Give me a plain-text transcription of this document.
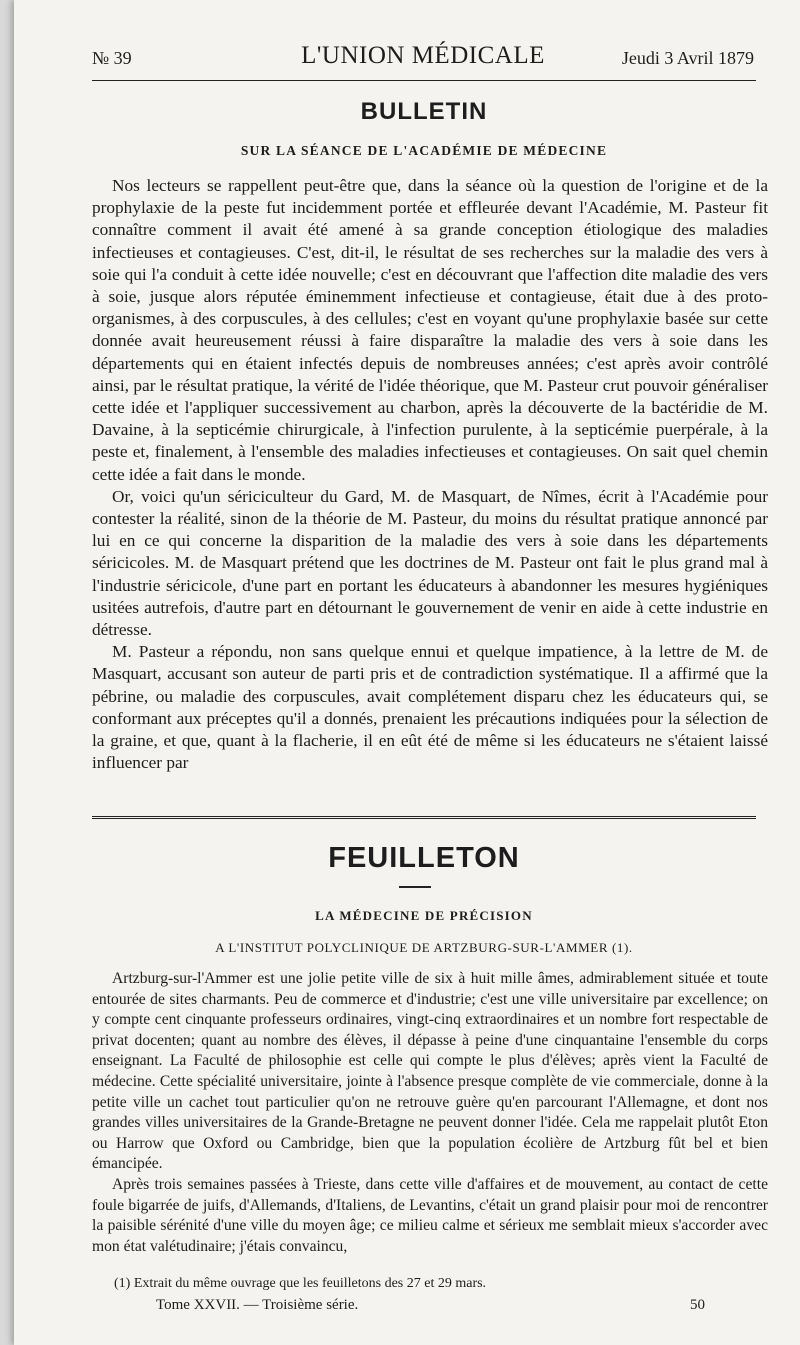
№ 39	L'UNION MÉDICALE	Jeudi 3 Avril 1879
BULLETIN
SUR LA SÉANCE DE L'ACADÉMIE DE MÉDECINE

Nos lecteurs se rappellent peut-être que, dans la séance où la question de l'origine et de la prophylaxie de la peste fut incidemment portée et effleurée devant l'Académie, M. Pasteur fit connaître comment il avait été amené à sa grande conception étiologique des maladies infectieuses et contagieuses. C'est, dit-il, le résultat de ses recherches sur la maladie des vers à soie qui l'a conduit à cette idée nouvelle; c'est en découvrant que l'affection dite maladie des vers à soie, jusque alors réputée éminemment infectieuse et contagieuse, était due à des proto-organismes, à des corpuscules, à des cellules; c'est en voyant qu'une prophylaxie basée sur cette donnée avait heureusement réussi à faire disparaître la maladie des vers à soie dans les départements qui en étaient infectés depuis de nombreuses années; c'est après avoir contrôlé ainsi, par le résultat pratique, la vérité de l'idée théorique, que M. Pasteur crut pouvoir généraliser cette idée et l'appliquer successivement au charbon, après la découverte de la bactéridie de M. Davaine, à la septicémie chirurgicale, à l'infection purulente, à la septicémie puerpérale, à la peste et, finalement, à l'ensemble des maladies infectieuses et contagieuses. On sait quel chemin cette idée a fait dans le monde.

Or, voici qu'un sériciculteur du Gard, M. de Masquart, de Nîmes, écrit à l'Académie pour contester la réalité, sinon de la théorie de M. Pasteur, du moins du résultat pratique annoncé par lui en ce qui concerne la disparition de la maladie des vers à soie dans les départements séricicoles. M. de Masquart prétend que les doctrines de M. Pasteur ont fait le plus grand mal à l'industrie séricicole, d'une part en portant les éducateurs à abandonner les mesures hygiéniques usitées autrefois, d'autre part en détournant le gouvernement de venir en aide à cette industrie en détresse.

M. Pasteur a répondu, non sans quelque ennui et quelque impatience, à la lettre de M. de Masquart, accusant son auteur de parti pris et de contradiction systématique. Il a affirmé que la pébrine, ou maladie des corpuscules, avait complétement disparu chez les éducateurs qui, se conformant aux préceptes qu'il a donnés, prenaient les précautions indiquées pour la sélection de la graine, et que, quant à la flacherie, il en eût été de même si les éducateurs ne s'étaient laissé influencer par

FEUILLETON
LA MÉDECINE DE PRÉCISION
A L'INSTITUT POLYCLINIQUE DE ARTZBURG-SUR-L'AMMER (1).

Artzburg-sur-l'Ammer est une jolie petite ville de six à huit mille âmes, admirablement située et toute entourée de sites charmants. Peu de commerce et d'industrie; c'est une ville universitaire par excellence; on y compte cent cinquante professeurs ordinaires, vingt-cinq extraordinaires et un nombre fort respectable de privat docenten; quant au nombre des élèves, il dépasse à peine d'une cinquantaine l'ensemble du corps enseignant. La Faculté de philosophie est celle qui compte le plus d'élèves; après vient la Faculté de médecine. Cette spécialité universitaire, jointe à l'absence presque complète de vie commerciale, donne à la petite ville un cachet tout particulier qu'on ne retrouve guère qu'en parcourant l'Allemagne, et dont nos grandes villes universitaires de la Grande-Bretagne ne peuvent donner l'idée. Cela me rappelait plutôt Eton ou Harrow que Oxford ou Cambridge, bien que la population écolière de Artzburg fût bel et bien émancipée.

Après trois semaines passées à Trieste, dans cette ville d'affaires et de mouvement, au contact de cette foule bigarrée de juifs, d'Allemands, d'Italiens, de Levantins, c'était un grand plaisir pour moi de rencontrer la paisible sérénité d'une ville du moyen âge; ce milieu calme et sérieux me semblait mieux s'accorder avec mon état valétudinaire; j'étais convaincu,

(1) Extrait du même ouvrage que les feuilletons des 27 et 29 mars.
Tome XXVII. — Troisième série.	50
